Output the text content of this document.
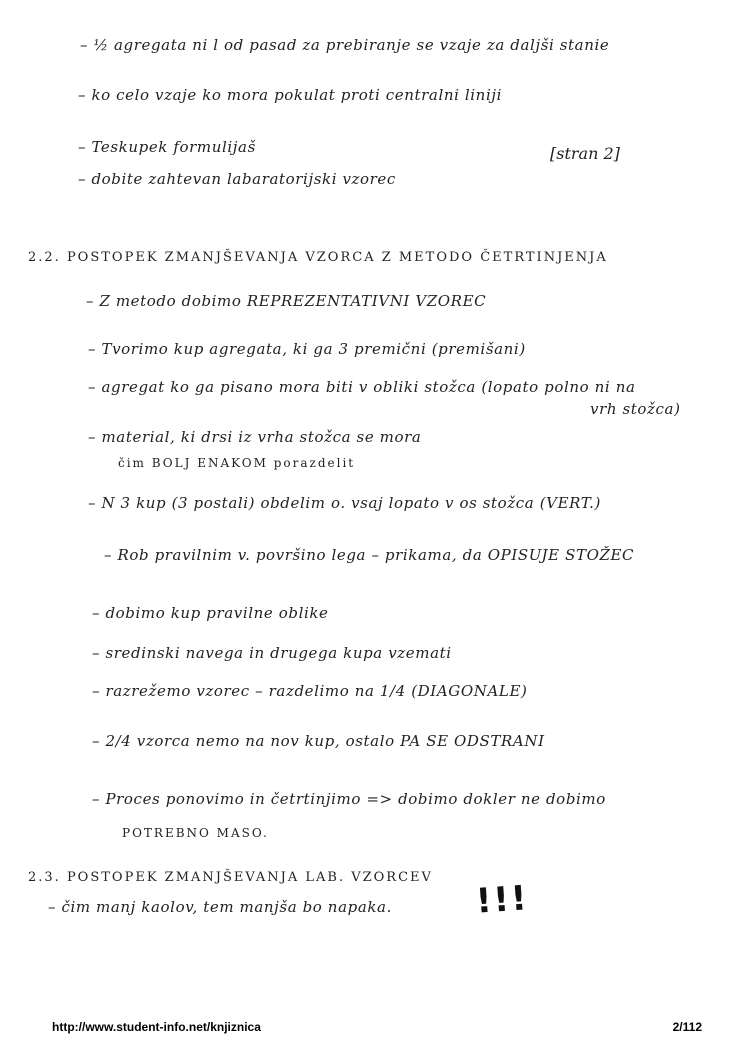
– ½ agregata ni l od pasad za prebiranje se vzaje za daljši stanie
– ko celo vzaje ko mora pokulat proti centralni liniji
– Teskupek formulijaš
– dobite zahtevan labaratorijski vzorec
[stran 2]
2.2. POSTOPEK ZMANJŠEVANJA VZORCA Z METODO ČETRTINJENJA
– Z metodo dobimo REPREZENTATIVNI VZOREC
– Tvorimo kup agregata, ki ga 3 premični (premišani)
– agregat ko ga pisano mora biti v obliki stožca (lopato polno ni na
vrh stožca)
– material, ki drsi iz vrha stožca se mora
čim BOLJ ENAKOM porazdelit
– N 3 kup (3 postali) obdelim o. vsaj lopato v os stožca (VERT.)
– Rob pravilnim v. površino lega – prikama, da OPISUJE STOŽEC
– dobimo kup pravilne oblike
– sredinski navega in drugega kupa vzemati
– razrežemo vzorec – razdelimo na 1/4 (DIAGONALE)
– 2/4 vzorca nemo na nov kup, ostalo PA SE ODSTRANI
– Proces ponovimo in četrtinjimo => dobimo dokler ne dobimo
POTREBNO MASO.
2.3. POSTOPEK ZMANJŠEVANJA LAB. VZORCEV
– čim manj kaolov, tem manjša bo napaka. !!!
http://www.student-info.net/knjiznica	2/112
